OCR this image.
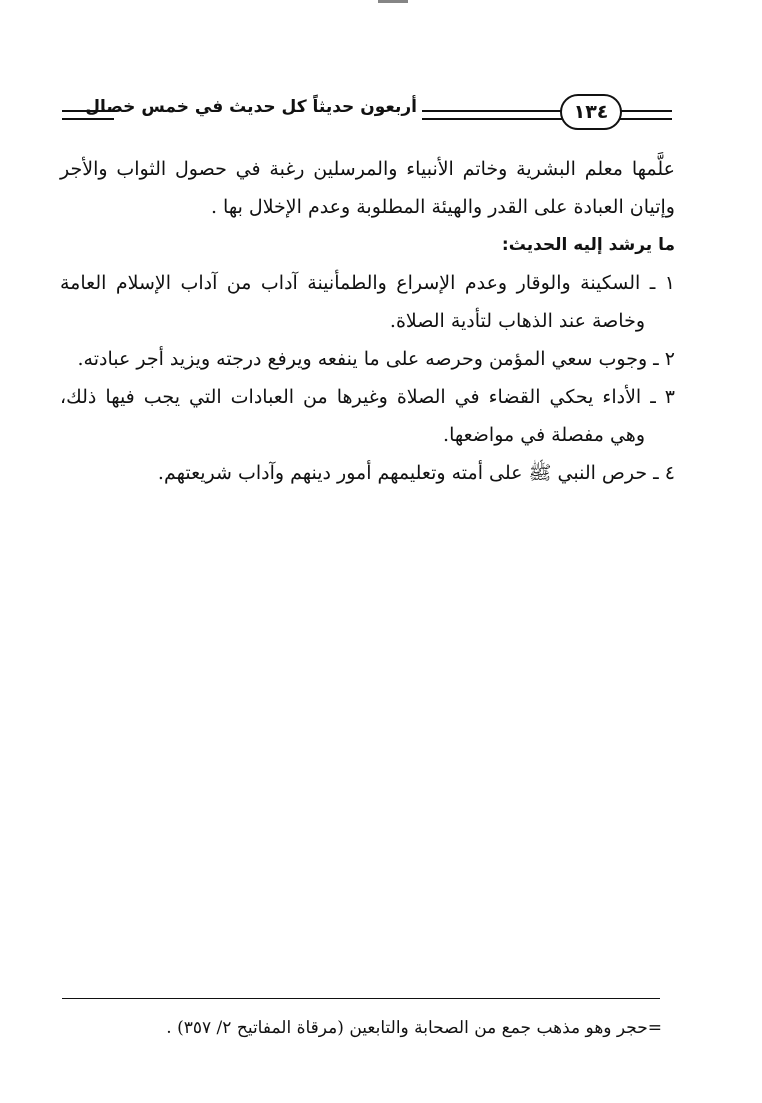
١٣٤
أربعون حديثاً كل حديث في خمس خصال
علَّمها معلم البشرية وخاتم الأنبياء والمرسلين رغبة في حصول الثواب والأجر
وإتيان العبادة على القدر والهيئة المطلوبة وعدم الإخلال بها .
ما يرشد إليه الحديث:
١ ـ السكينة والوقار وعدم الإسراع والطمأنينة آداب من آداب الإسلام العامة
وخاصة عند الذهاب لتأدية الصلاة.
٢ ـ وجوب سعي المؤمن وحرصه على ما ينفعه ويرفع درجته ويزيد أجر عبادته.
٣ ـ الأداء يحكي القضاء في الصلاة وغيرها من العبادات التي يجب فيها ذلك،
وهي مفصلة في مواضعها.
٤ ـ حرص النبي ﷺ على أمته وتعليمهم أمور دينهم وآداب شريعتهم.
=حجر وهو مذهب جمع من الصحابة والتابعين (مرقاة المفاتيح ٢/ ٣٥٧) .
